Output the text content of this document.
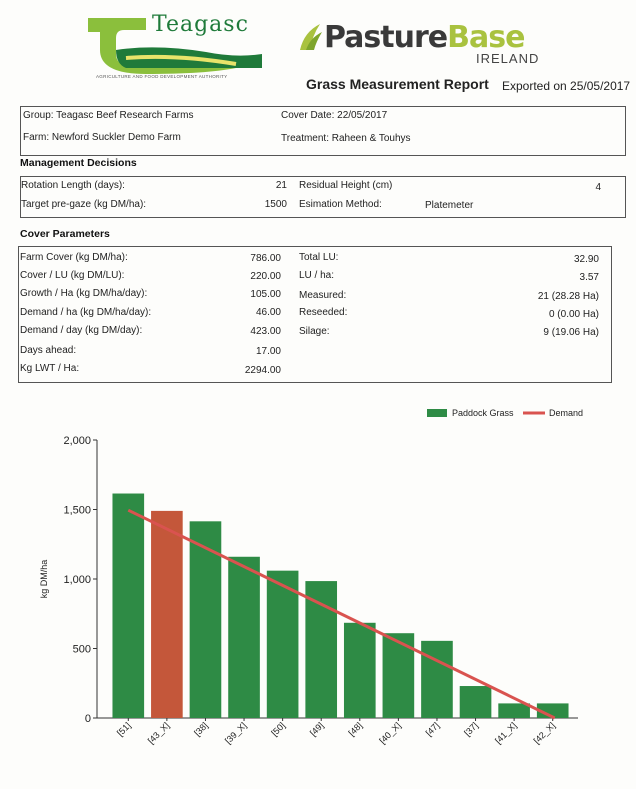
Teagasc
AGRICULTURE AND FOOD DEVELOPMENT AUTHORITY
PastureBase
IRELAND
Grass Measurement Report Exported on 25/05/2017
Group: Teagasc Beef Research Farms	Cover Date: 22/05/2017
Farm: Newford Suckler Demo Farm	Treatment: Raheen & Touhys
Management Decisions
Rotation Length (days):	21 Residual Height (cm)	4
Target pre-gaze (kg DM/ha):	1500 Esimation Method:	Platemeter
Cover Parameters
Farm Cover (kg DM/ha):	786.00
Cover / LU (kg DM/LU):	220.00
Growth / Ha (kg DM/ha/day):	105.00
Demand / ha (kg DM/ha/day):	46.00
Demand / day (kg DM/day):	423.00
Days ahead:	17.00
Kg LWT / Ha:	2294.00
Total LU:	32.90
LU / ha:	3.57
Measured:	21 (28.28 Ha)
Reseeded:	0 (0.00 Ha)
Silage:	9 (19.06 Ha)
0
500
1,000
1,500
2,000
kg DM/ha
[51] [43_X] [38] [39_X] [50] [49] [48] [40_X] [47] [37] [41_X] [42_X]
Paddock Grass	Demand
